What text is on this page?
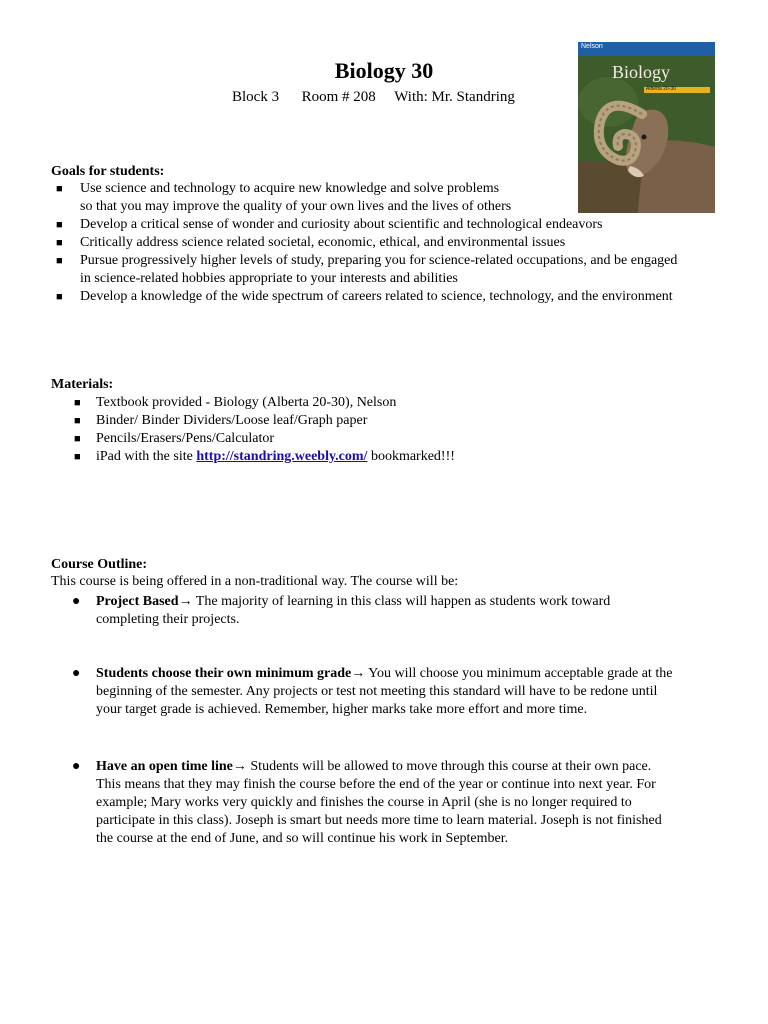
Biology 30
Block 3      Room # 208     With: Mr. Standring
Nelson
Biology
Alberta 20-30
Goals for students:
■ Use science and technology to acquire new knowledge and solve problems
so that you may improve the quality of your own lives and the lives of others
■ Develop a critical sense of wonder and curiosity about scientific and technological endeavors
■ Critically address science related societal, economic, ethical, and environmental issues
■ Pursue progressively higher levels of study, preparing you for science-related occupations, and be engaged
in science-related hobbies appropriate to your interests and abilities
■ Develop a knowledge of the wide spectrum of careers related to science, technology, and the environment
Materials:
■ Textbook provided - Biology (Alberta 20-30), Nelson
■ Binder/ Binder Dividers/Loose leaf/Graph paper
■ Pencils/Erasers/Pens/Calculator
■ iPad with the site http://standring.weebly.com/ bookmarked!!!
Course Outline:
This course is being offered in a non-traditional way. The course will be:
● Project Based→ The majority of learning in this class will happen as students work toward
completing their projects.
● Students choose their own minimum grade→ You will choose you minimum acceptable grade at the
beginning of the semester. Any projects or test not meeting this standard will have to be redone until
your target grade is achieved. Remember, higher marks take more effort and more time.
● Have an open time line→ Students will be allowed to move through this course at their own pace.
This means that they may finish the course before the end of the year or continue into next year. For
example; Mary works very quickly and finishes the course in April (she is no longer required to
participate in this class). Joseph is smart but needs more time to learn material. Joseph is not finished
the course at the end of June, and so will continue his work in September.
